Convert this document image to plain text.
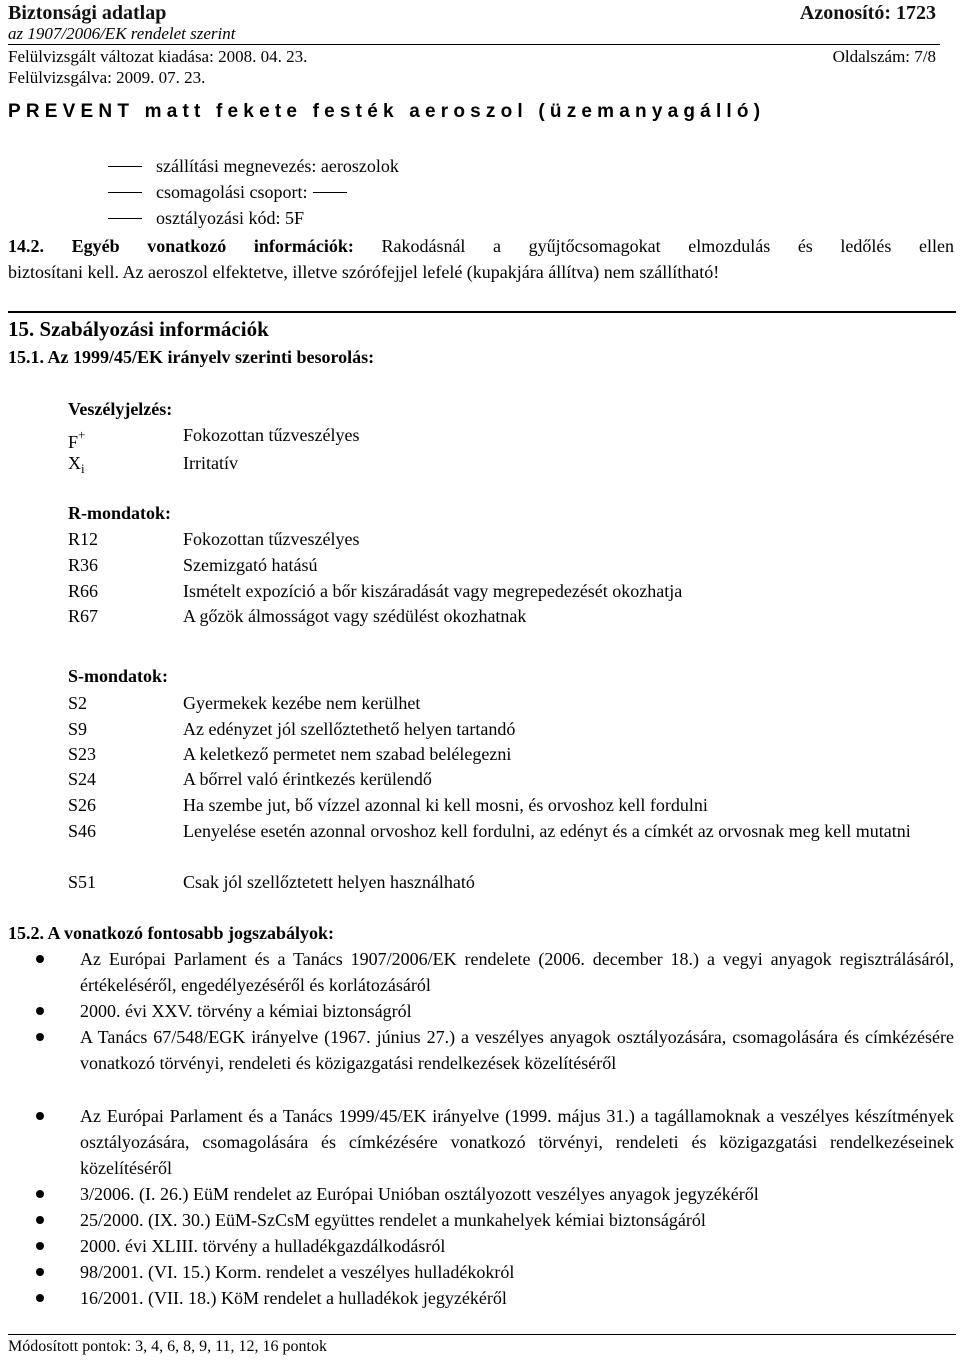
Biztonsági adatlap	Azonosító: 1723
az 1907/2006/EK rendelet szerint
Felülvizsgált változat kiadása: 2008. 04. 23.	Oldalszám: 7/8
Felülvizsgálva: 2009. 07. 23.
PREVENT matt fekete festék aeroszol (üzemanyagálló)
szállítási megnevezés: aeroszolok
csomagolási csoport:
osztályozási kód: 5F
14.2. Egyéb vonatkozó információk: Rakodásnál a gyűjtőcsomagokat elmozdulás és ledőlés ellen
biztosítani kell. Az aeroszol elfektetve, illetve szórófejjel lefelé (kupakjára állítva) nem szállítható!
15. Szabályozási információk
15.1. Az 1999/45/EK irányelv szerinti besorolás:
Veszélyjelzés:
F+	Fokozottan tűzveszélyes
$X_i$	Irritatív
R-mondatok:
R12	Fokozottan tűzveszélyes
R36	Szemizgató hatású
R66	Ismételt expozíció a bőr kiszáradását vagy megrepedezését okozhatja
R67	A gőzök álmosságot vagy szédülést okozhatnak
S-mondatok:
S2	Gyermekek kezébe nem kerülhet
S9	Az edényzet jól szellőztethető helyen tartandó
S23	A keletkező permetet nem szabad belélegezni
S24	A bőrrel való érintkezés kerülendő
S26	Ha szembe jut, bő vízzel azonnal ki kell mosni, és orvoshoz kell fordulni
S46	Lenyelése esetén azonnal orvoshoz kell fordulni, az edényt és a címkét az orvosnak meg kell mutatni
S51	Csak jól szellőztetett helyen használható
15.2. A vonatkozó fontosabb jogszabályok:
Az Európai Parlament és a Tanács 1907/2006/EK rendelete (2006. december 18.) a vegyi anyagok regisztrálásáról, értékeléséről, engedélyezéséről és korlátozásáról
2000. évi XXV. törvény a kémiai biztonságról
A Tanács 67/548/EGK irányelve (1967. június 27.) a veszélyes anyagok osztályozására, csomagolására és címkézésére vonatkozó törvényi, rendeleti és közigazgatási rendelkezések közelítéséről
Az Európai Parlament és a Tanács 1999/45/EK irányelve (1999. május 31.) a tagállamoknak a veszélyes készítmények osztályozására, csomagolására és címkézésére vonatkozó törvényi, rendeleti és közigazgatási rendelkezéseinek közelítéséről
3/2006. (I. 26.) EüM rendelet az Európai Unióban osztályozott veszélyes anyagok jegyzékéről
25/2000. (IX. 30.) EüM-SzCsM együttes rendelet a munkahelyek kémiai biztonságáról
2000. évi XLIII. törvény a hulladékgazdálkodásról
98/2001. (VI. 15.) Korm. rendelet a veszélyes hulladékokról
16/2001. (VII. 18.) KöM rendelet a hulladékok jegyzékéről
Módosított pontok: 3, 4, 6, 8, 9, 11, 12, 16 pontok
